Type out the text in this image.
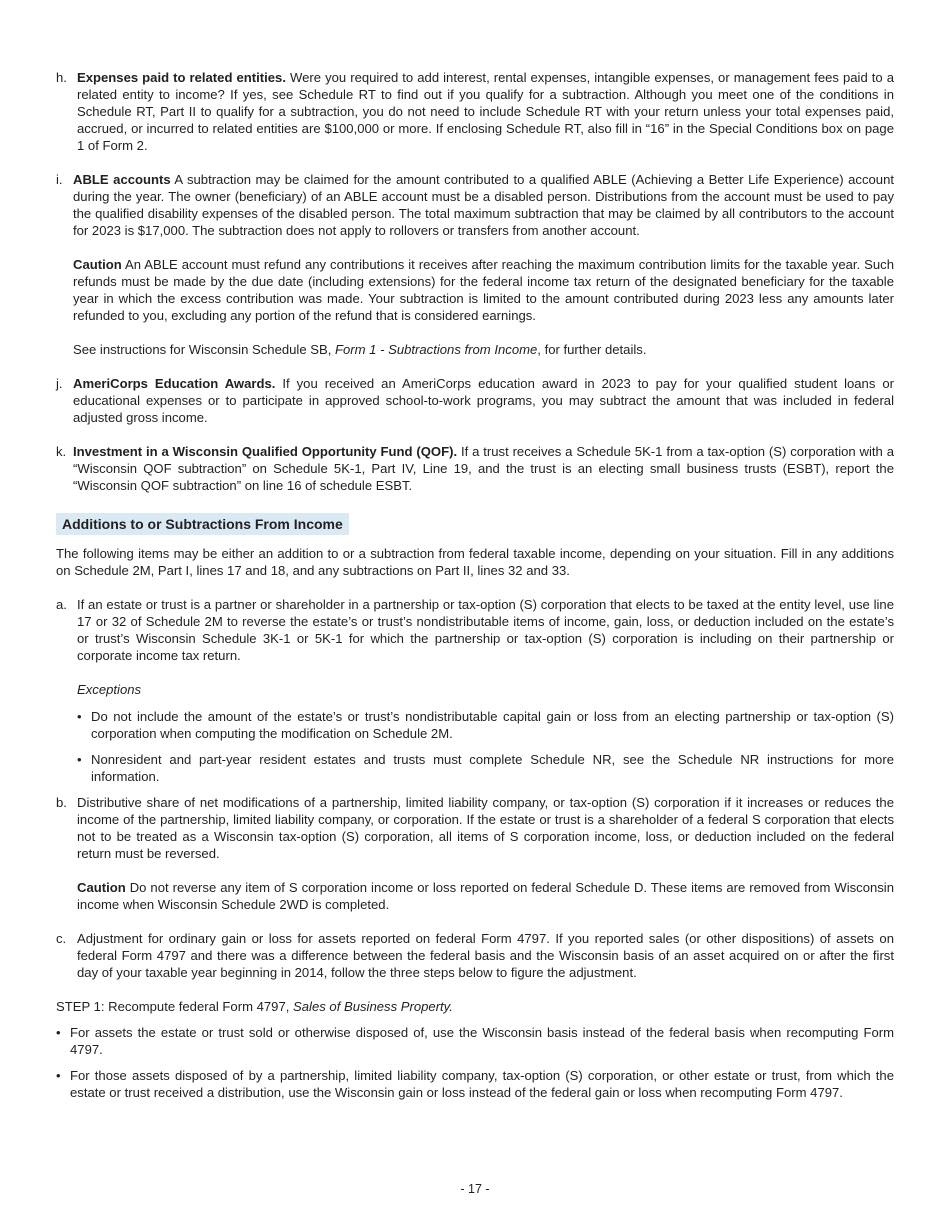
h. Expenses paid to related entities. Were you required to add interest, rental expenses, intangible expenses, or management fees paid to a related entity to income? If yes, see Schedule RT to find out if you qualify for a subtraction. Although you meet one of the conditions in Schedule RT, Part II to qualify for a subtraction, you do not need to include Schedule RT with your return unless your total expenses paid, accrued, or incurred to related entities are $100,000 or more. If enclosing Schedule RT, also fill in “16” in the Special Conditions box on page 1 of Form 2.

i. ABLE accounts A subtraction may be claimed for the amount contributed to a qualified ABLE (Achieving a Better Life Experience) account during the year. The owner (beneficiary) of an ABLE account must be a disabled person. Distributions from the account must be used to pay the qualified disability expenses of the disabled person. The total maximum subtraction that may be claimed by all contributors to the account for 2023 is $17,000. The subtraction does not apply to rollovers or transfers from another account.

Caution An ABLE account must refund any contributions it receives after reaching the maximum contribution limits for the taxable year. Such refunds must be made by the due date (including extensions) for the federal income tax return of the designated beneficiary for the taxable year in which the excess contribution was made. Your subtraction is limited to the amount contributed during 2023 less any amounts later refunded to you, excluding any portion of the refund that is considered earnings.

See instructions for Wisconsin Schedule SB, Form 1 - Subtractions from Income, for further details.

j. AmeriCorps Education Awards. If you received an AmeriCorps education award in 2023 to pay for your qualified student loans or educational expenses or to participate in approved school-to-work programs, you may subtract the amount that was included in federal adjusted gross income.

k. Investment in a Wisconsin Qualified Opportunity Fund (QOF). If a trust receives a Schedule 5K-1 from a tax-option (S) corporation with a “Wisconsin QOF subtraction” on Schedule 5K-1, Part IV, Line 19, and the trust is an electing small business trusts (ESBT), report the “Wisconsin QOF subtraction” on line 16 of schedule ESBT.

Additions to or Subtractions From Income

The following items may be either an addition to or a subtraction from federal taxable income, depending on your situation. Fill in any additions on Schedule 2M, Part I, lines 17 and 18, and any subtractions on Part II, lines 32 and 33.

a. If an estate or trust is a partner or shareholder in a partnership or tax-option (S) corporation that elects to be taxed at the entity level, use line 17 or 32 of Schedule 2M to reverse the estate’s or trust’s nondistributable items of income, gain, loss, or deduction included on the estate’s or trust’s Wisconsin Schedule 3K-1 or 5K-1 for which the partnership or tax-option (S) corporation is including on their partnership or corporate income tax return.

Exceptions

• Do not include the amount of the estate’s or trust’s nondistributable capital gain or loss from an electing partnership or tax-option (S) corporation when computing the modification on Schedule 2M.

• Nonresident and part-year resident estates and trusts must complete Schedule NR, see the Schedule NR instructions for more information.

b. Distributive share of net modifications of a partnership, limited liability company, or tax-option (S) corporation if it increases or reduces the income of the partnership, limited liability company, or corporation. If the estate or trust is a shareholder of a federal S corporation that elects not to be treated as a Wisconsin tax-option (S) corporation, all items of S corporation income, loss, or deduction included on the federal return must be reversed.

Caution Do not reverse any item of S corporation income or loss reported on federal Schedule D. These items are removed from Wisconsin income when Wisconsin Schedule 2WD is completed.

c. Adjustment for ordinary gain or loss for assets reported on federal Form 4797. If you reported sales (or other dispositions) of assets on federal Form 4797 and there was a difference between the federal basis and the Wisconsin basis of an asset acquired on or after the first day of your taxable year beginning in 2014, follow the three steps below to figure the adjustment.

STEP 1: Recompute federal Form 4797, Sales of Business Property.

• For assets the estate or trust sold or otherwise disposed of, use the Wisconsin basis instead of the federal basis when recomputing Form 4797.

• For those assets disposed of by a partnership, limited liability company, tax-option (S) corporation, or other estate or trust, from which the estate or trust received a distribution, use the Wisconsin gain or loss instead of the federal gain or loss when recomputing Form 4797.

- 17 -
